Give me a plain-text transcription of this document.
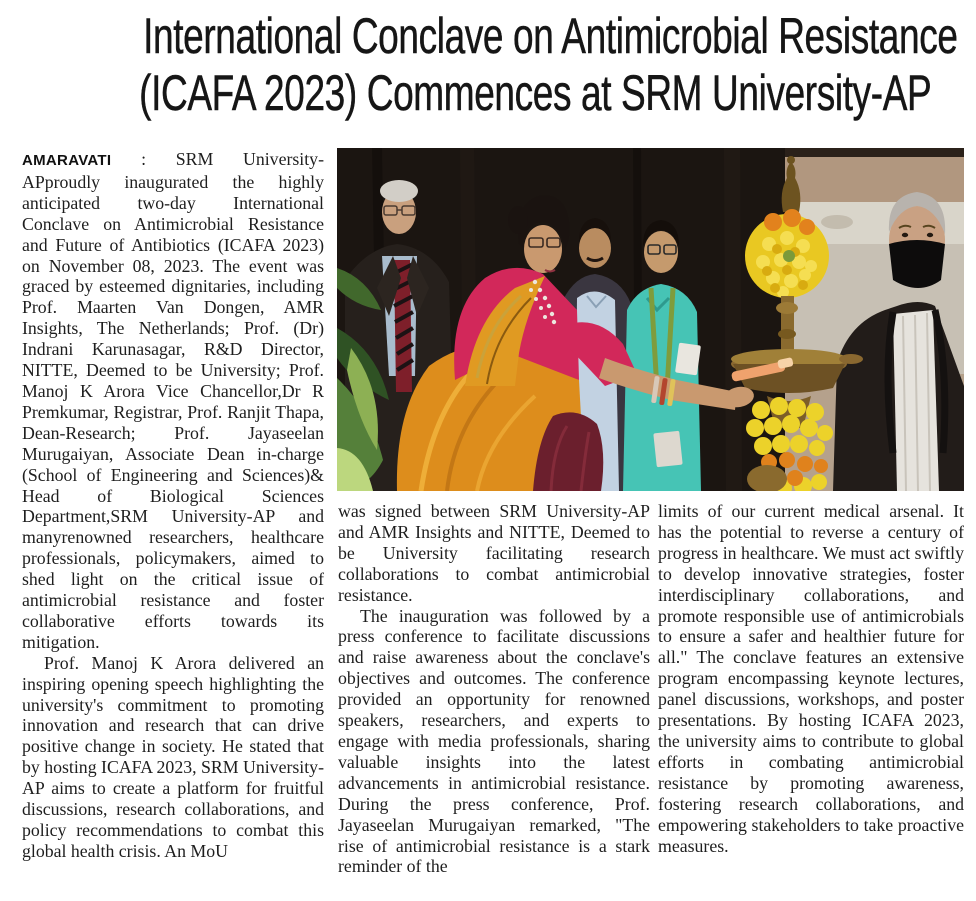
International Conclave on Antimicrobial Resistance
(ICAFA 2023) Commences at SRM University-AP

AMARAVATI : SRM University-APproudly inaugurated the highly anticipated two-day International Conclave on Antimicrobial Resistance and Future of Antibiotics (ICAFA 2023) on November 08, 2023. The event was graced by esteemed dignitaries, including Prof. Maarten Van Dongen, AMR Insights, The Netherlands; Prof. (Dr) Indrani Karunasagar, R&D Director, NITTE, Deemed to be University; Prof. Manoj K Arora Vice Chancellor,Dr R Premkumar, Registrar, Prof. Ranjit Thapa, Dean-Research; Prof. Jayaseelan Murugaiyan, Associate Dean in-charge (School of Engineering and Sciences)& Head of Biological Sciences Department,SRM University-AP and manyrenowned researchers, healthcare professionals, policymakers, aimed to shed light on the critical issue of antimicrobial resistance and foster collaborative efforts towards its mitigation.

Prof. Manoj K Arora delivered an inspiring opening speech highlighting the university's commitment to promoting innovation and research that can drive positive change in society. He stated that by hosting ICAFA 2023, SRM University-AP aims to create a platform for fruitful discussions, research collaborations, and policy recommendations to combat this global health crisis. An MoU

was signed between SRM University-AP and AMR Insights and NITTE, Deemed to be University facilitating research collaborations to combat antimicrobial resistance.

The inauguration was followed by a press conference to facilitate discussions and raise awareness about the conclave's objectives and outcomes. The conference provided an opportunity for renowned speakers, researchers, and experts to engage with media professionals, sharing valuable insights into the latest advancements in antimicrobial resistance. During the press conference, Prof. Jayaseelan Murugaiyan remarked, "The rise of antimicrobial resistance is a stark reminder of the

limits of our current medical arsenal. It has the potential to reverse a century of progress in healthcare. We must act swiftly to develop innovative strategies, foster interdisciplinary collaborations, and promote responsible use of antimicrobials to ensure a safer and healthier future for all." The conclave features an extensive program encompassing keynote lectures, panel discussions, workshops, and poster presentations. By hosting ICAFA 2023, the university aims to contribute to global efforts in combating antimicrobial resistance by promoting awareness, fostering research collaborations, and empowering stakeholders to take proactive measures.
